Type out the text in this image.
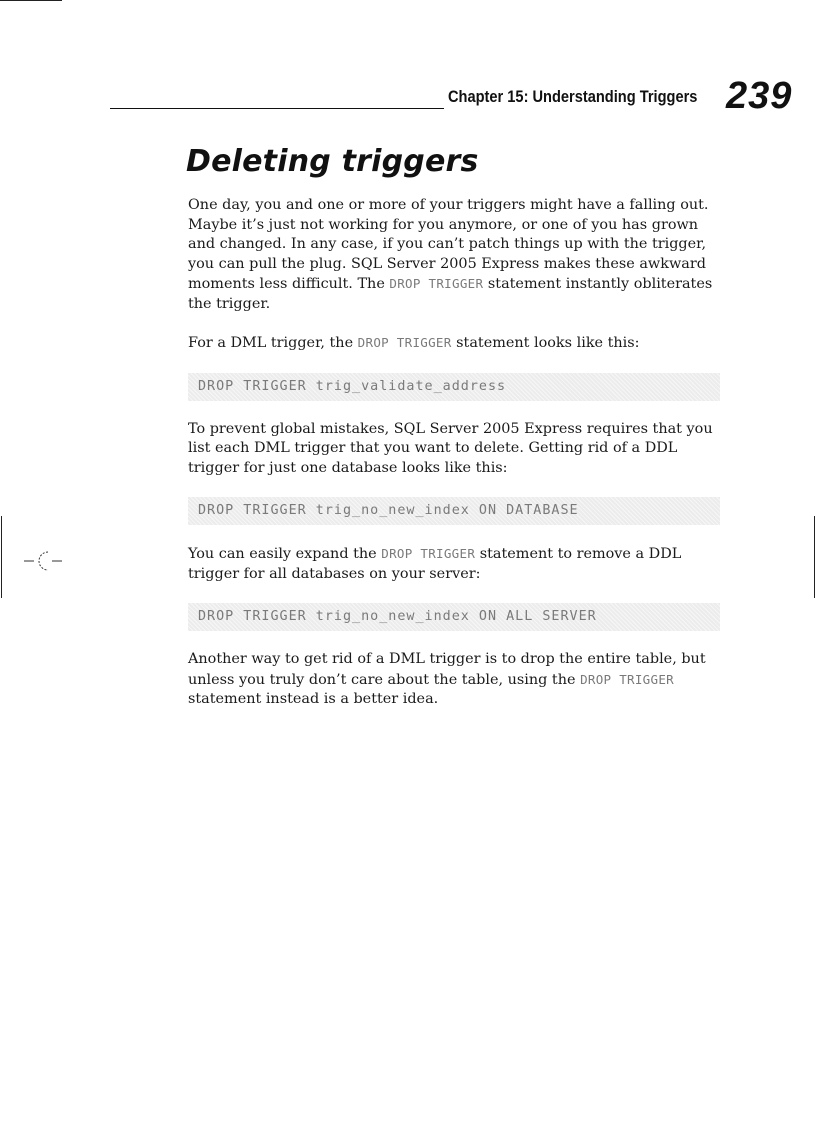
Chapter 15: Understanding Triggers 239
Deleting triggers

One day, you and one or more of your triggers might have a falling out. Maybe it’s just not working for you anymore, or one of you has grown and changed. In any case, if you can’t patch things up with the trigger, you can pull the plug. SQL Server 2005 Express makes these awkward moments less difficult. The DROP TRIGGER statement instantly obliterates the trigger.

For a DML trigger, the DROP TRIGGER statement looks like this:

DROP TRIGGER trig_validate_address

To prevent global mistakes, SQL Server 2005 Express requires that you list each DML trigger that you want to delete. Getting rid of a DDL trigger for just one database looks like this:

DROP TRIGGER trig_no_new_index ON DATABASE

You can easily expand the DROP TRIGGER statement to remove a DDL trigger for all databases on your server:

DROP TRIGGER trig_no_new_index ON ALL SERVER

Another way to get rid of a DML trigger is to drop the entire table, but unless you truly don’t care about the table, using the DROP TRIGGER statement instead is a better idea.
